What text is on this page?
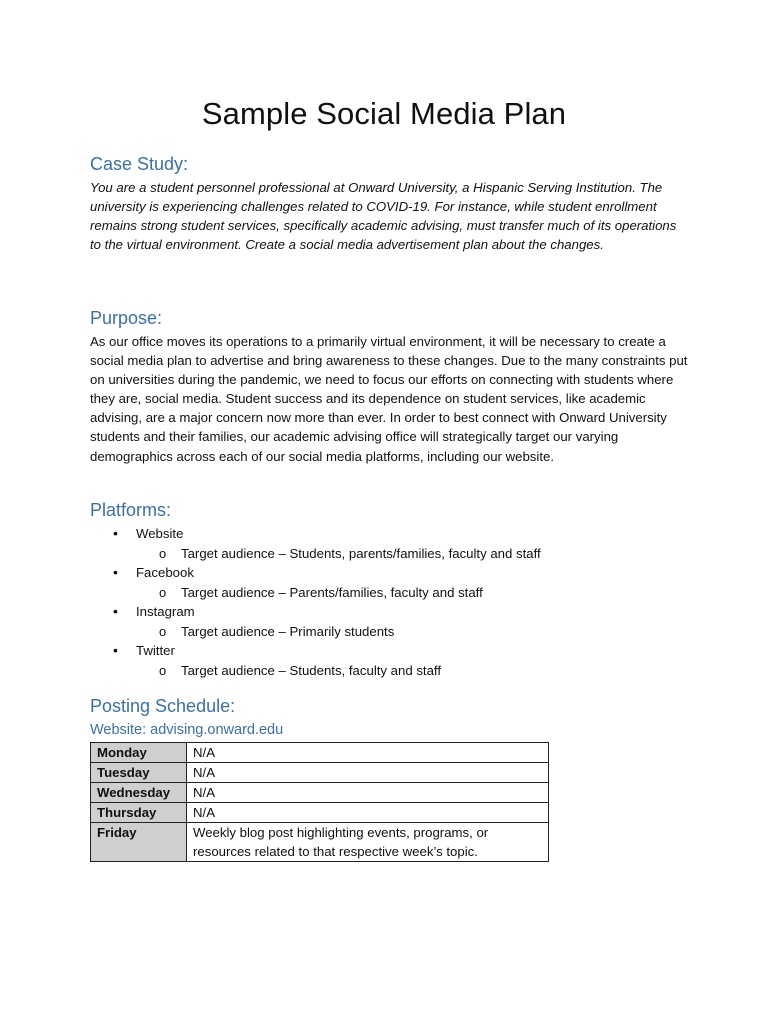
Sample Social Media Plan
Case Study:
You are a student personnel professional at Onward University, a Hispanic Serving Institution. The university is experiencing challenges related to COVID-19. For instance, while student enrollment remains strong student services, specifically academic advising, must transfer much of its operations to the virtual environment. Create a social media advertisement plan about the changes.
Purpose:
As our office moves its operations to a primarily virtual environment, it will be necessary to create a social media plan to advertise and bring awareness to these changes. Due to the many constraints put on universities during the pandemic, we need to focus our efforts on connecting with students where they are, social media. Student success and its dependence on student services, like academic advising, are a major concern now more than ever. In order to best connect with Onward University students and their families, our academic advising office will strategically target our varying demographics across each of our social media platforms, including our website.
Platforms:
• Website
o Target audience – Students, parents/families, faculty and staff
• Facebook
o Target audience – Parents/families, faculty and staff
• Instagram
o Target audience – Primarily students
• Twitter
o Target audience – Students, faculty and staff
Posting Schedule:
Website: advising.onward.edu
Monday	N/A
Tuesday	N/A
Wednesday	N/A
Thursday	N/A
Friday	Weekly blog post highlighting events, programs, or resources related to that respective week’s topic.
